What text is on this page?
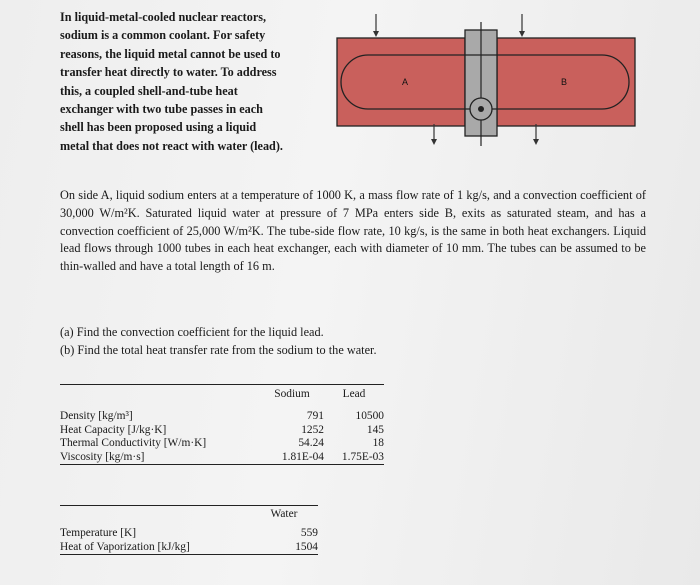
In liquid-metal-cooled nuclear reactors,
sodium is a common coolant. For safety
reasons, the liquid metal cannot be used to
transfer heat directly to water. To address
this, a coupled shell-and-tube heat
exchanger with two tube passes in each
shell has been proposed using a liquid
metal that does not react with water (lead).
A	B
On side A, liquid sodium enters at a temperature of 1000 K, a mass flow rate of 1 kg/s, and a convection coefficient of 30,000 W/m²K. Saturated liquid water at pressure of 7 MPa enters side B, exits as saturated steam, and has a convection coefficient of 25,000 W/m²K. The tube-side flow rate, 10 kg/s, is the same in both heat exchangers. Liquid lead flows through 1000 tubes in each heat exchanger, each with diameter of 10 mm. The tubes can be assumed to be thin-walled and have a total length of 16 m.
(a) Find the convection coefficient for the liquid lead.
(b) Find the total heat transfer rate from the sodium to the water.
	Sodium	Lead

Density [kg/m³]	791	10500
Heat Capacity [J/kg·K]	1252	145
Thermal Conductivity [W/m·K]	54.24	18
Viscosity [kg/m·s]	1.81E-04	1.75E-03
	Water

Temperature [K]	559
Heat of Vaporization [kJ/kg]	1504
